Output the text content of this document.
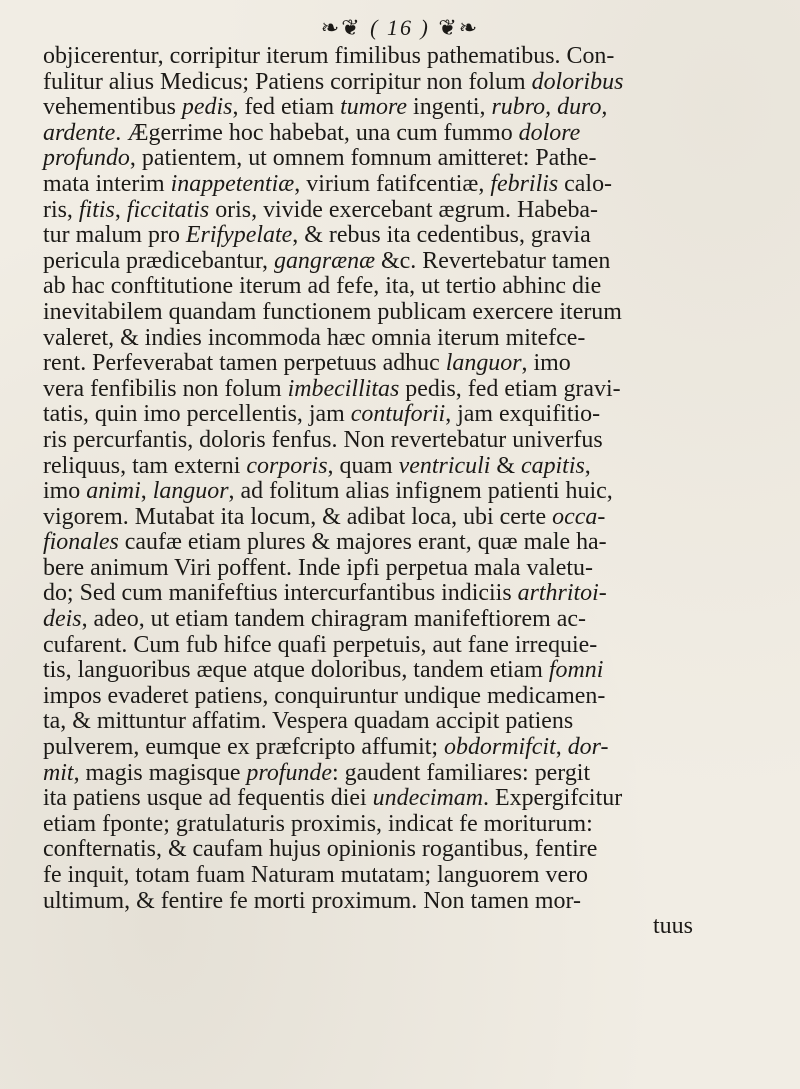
❧❦ ( 16 ) ❦❧
objicerentur, corripitur iterum fimilibus pathematibus. Con-
fulitur alius Medicus; Patiens corripitur non folum doloribus
vehementibus pedis, fed etiam tumore ingenti, rubro, duro,
ardente. Ægerrime hoc habebat, una cum fummo dolore
profundo, patientem, ut omnem fomnum amitteret: Pathe-
mata interim inappetentiæ, virium fatifcentiæ, febrilis calo-
ris, fitis, ficcitatis oris, vivide exercebant ægrum. Habeba-
tur malum pro Erifypelate, & rebus ita cedentibus, gravia
pericula prædicebantur, gangrænæ &c. Revertebatur tamen
ab hac conftitutione iterum ad fefe, ita, ut tertio abhinc die
inevitabilem quandam functionem publicam exercere iterum
valeret, & indies incommoda hæc omnia iterum mitefce-
rent. Perfeverabat tamen perpetuus adhuc languor, imo
vera fenfibilis non folum imbecillitas pedis, fed etiam gravi-
tatis, quin imo percellentis, jam contuforii, jam exquifitio-
ris percurfantis, doloris fenfus. Non revertebatur univerfus
reliquus, tam externi corporis, quam ventriculi & capitis,
imo animi, languor, ad folitum alias infignem patienti huic,
vigorem. Mutabat ita locum, & adibat loca, ubi certe occa-
fionales caufæ etiam plures & majores erant, quæ male ha-
bere animum Viri poffent. Inde ipfi perpetua mala valetu-
do; Sed cum manifeftius intercurfantibus indiciis arthritoi-
deis, adeo, ut etiam tandem chiragram manifeftiorem ac-
cufarent. Cum fub hifce quafi perpetuis, aut fane irrequie-
tis, languoribus æque atque doloribus, tandem etiam fomni
impos evaderet patiens, conquiruntur undique medicamen-
ta, & mittuntur affatim. Vespera quadam accipit patiens
pulverem, eumque ex præfcripto affumit; obdormifcit, dor-
mit, magis magisque profunde: gaudent familiares: pergit
ita patiens usque ad fequentis diei undecimam. Expergifcitur
etiam fponte; gratulaturis proximis, indicat fe moriturum:
confternatis, & caufam hujus opinionis rogantibus, fentire
fe inquit, totam fuam Naturam mutatam; languorem vero
ultimum, & fentire fe morti proximum. Non tamen mor-
tuus
